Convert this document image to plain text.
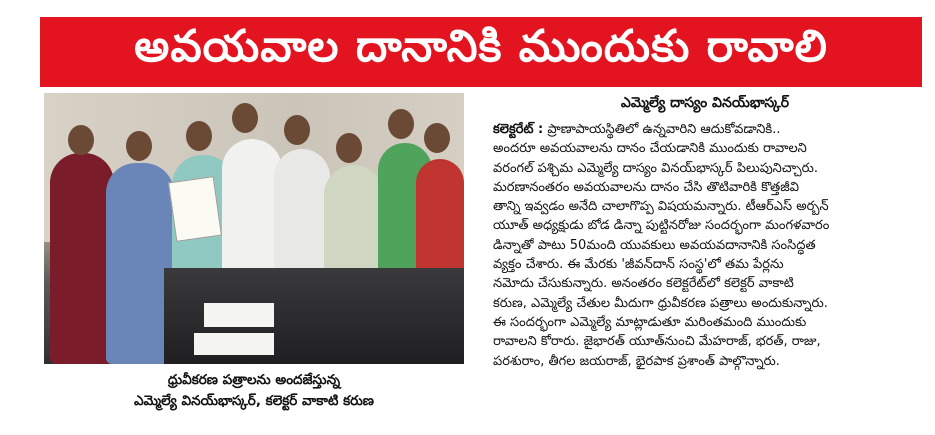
అవయవాల దానానికి ముందుకు రావాలి
ధ్రువీకరణ పత్రాలను అందజేస్తున్న
ఎమ్మెల్యే వినయ్‌భాస్కర్, కలెక్టర్ వాకాటి కరుణ
ఎమ్మెల్యే దాస్యం వినయ్‌భాస్కర్
కలెక్టరేట్ : ప్రాణాపాయస్థితిలో ఉన్నవారిని ఆదుకోవడానికి..
అందరూ అవయవాలను దానం చేయడానికి ముందుకు రావాలని
వరంగల్ పశ్చిమ ఎమ్మెల్యే దాస్యం వినయ్‌భాస్కర్ పిలుపునిచ్చారు.
మరణానంతరం అవయవాలను దానం చేసి తొటివారికి కొత్తజీవి
తాన్ని ఇవ్వడం అనేది చాలాగొప్ప విషయమన్నారు. టీఆర్ఎస్ అర్బన్
యూత్ అధ్యక్షుడు బోడ డిన్నా పుట్టినరోజు సందర్భంగా మంగళవారం
డిన్నాతో పాటు 50మంది యువకులు అవయవదానానికి సంసిద్ధత
వ్యక్తం చేశారు. ఈ మేరకు 'జీవన్‌దాన్ సంస్థ'లో తమ పేర్లను
నమోదు చేసుకున్నారు. అనంతరం కలెక్టరేట్‌లో కలెక్టర్ వాకాటి
కరుణ, ఎమ్మెల్యే చేతుల మీదుగా ధ్రువీకరణ పత్రాలు అందుకున్నారు.
ఈ సందర్భంగా ఎమ్మెల్యే మాట్లాడుతూ మరింతమంది ముందుకు
రావాలని కోరారు. జైభారత్ యూత్‌నుంచి మేహరాజ్, భరత్, రాజు,
పరశురాం, తీగల జయరాజ్, భైరపాక ప్రశాంత్ పాల్గొన్నారు.
